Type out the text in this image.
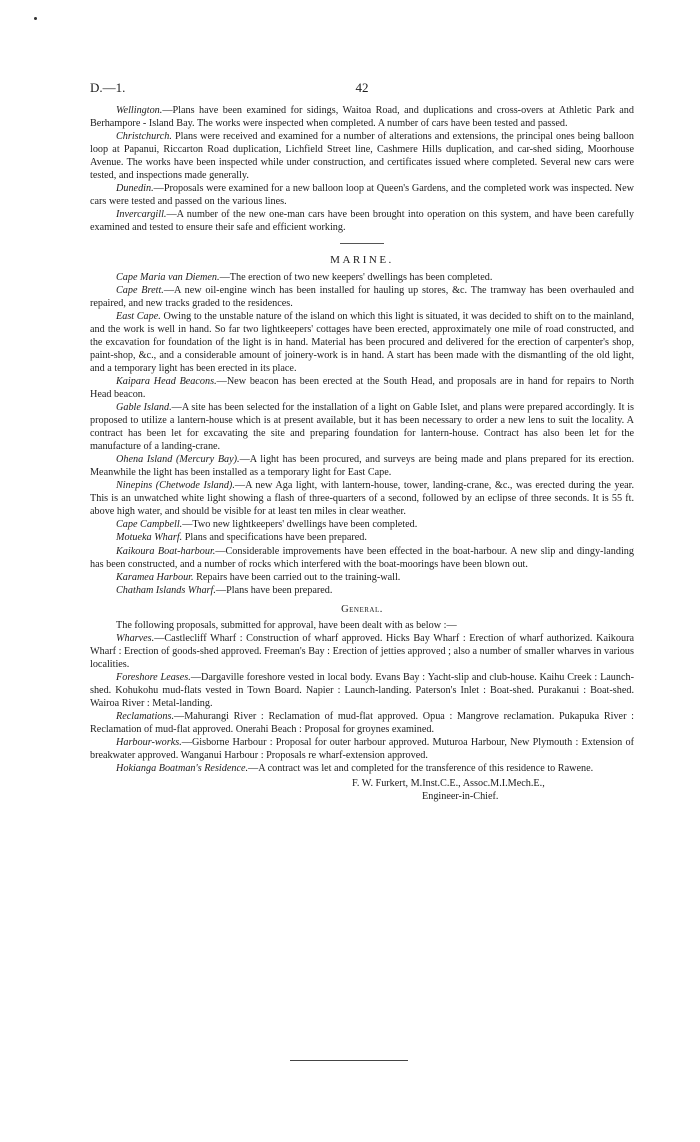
D.—1.	42

Wellington.—Plans have been examined for sidings, Waitoa Road, and duplications and cross-overs at Athletic Park and Berhampore - Island Bay. The works were inspected when completed. A number of cars have been tested and passed.

Christchurch. Plans were received and examined for a number of alterations and extensions, the principal ones being balloon loop at Papanui, Riccarton Road duplication, Lichfield Street line, Cashmere Hills duplication, and car-shed siding, Moorhouse Avenue. The works have been inspected while under construction, and certificates issued where completed. Several new cars were tested, and inspections made generally.

Dunedin.—Proposals were examined for a new balloon loop at Queen's Gardens, and the completed work was inspected. New cars were tested and passed on the various lines.

Invercargill.—A number of the new one-man cars have been brought into operation on this system, and have been carefully examined and tested to ensure their safe and efficient working.

MARINE.

Cape Maria van Diemen.—The erection of two new keepers' dwellings has been completed.

Cape Brett.—A new oil-engine winch has been installed for hauling up stores, &c. The tramway has been overhauled and repaired, and new tracks graded to the residences.

East Cape. Owing to the unstable nature of the island on which this light is situated, it was decided to shift on to the mainland, and the work is well in hand. So far two lightkeepers' cottages have been erected, approximately one mile of road constructed, and the excavation for foundation of the light is in hand. Material has been procured and delivered for the erection of carpenter's shop, paint-shop, &c., and a considerable amount of joinery-work is in hand. A start has been made with the dismantling of the old light, and a temporary light has been erected in its place.

Kaipara Head Beacons.—New beacon has been erected at the South Head, and proposals are in hand for repairs to North Head beacon.

Gable Island.—A site has been selected for the installation of a light on Gable Islet, and plans were prepared accordingly. It is proposed to utilize a lantern-house which is at present available, but it has been necessary to order a new lens to suit the locality. A contract has been let for excavating the site and preparing foundation for lantern-house. Contract has also been let for the manufacture of a landing-crane.

Ohena Island (Mercury Bay).—A light has been procured, and surveys are being made and plans prepared for its erection. Meanwhile the light has been installed as a temporary light for East Cape.

Ninepins (Chetwode Island).—A new Aga light, with lantern-house, tower, landing-crane, &c., was erected during the year. This is an unwatched white light showing a flash of three-quarters of a second, followed by an eclipse of three seconds. It is 55 ft. above high water, and should be visible for at least ten miles in clear weather.

Cape Campbell.—Two new lightkeepers' dwellings have been completed.

Motueka Wharf. Plans and specifications have been prepared.

Kaikoura Boat-harbour.—Considerable improvements have been effected in the boat-harbour. A new slip and dingy-landing has been constructed, and a number of rocks which interfered with the boat-moorings have been blown out.

Karamea Harbour. Repairs have been carried out to the training-wall.

Chatham Islands Wharf.—Plans have been prepared.

General.

The following proposals, submitted for approval, have been dealt with as below :—

Wharves.—Castlecliff Wharf : Construction of wharf approved. Hicks Bay Wharf : Erection of wharf authorized. Kaikoura Wharf : Erection of goods-shed approved. Freeman's Bay : Erection of jetties approved ; also a number of smaller wharves in various localities.

Foreshore Leases.—Dargaville foreshore vested in local body. Evans Bay : Yacht-slip and club-house. Kaihu Creek : Launch-shed. Kohukohu mud-flats vested in Town Board. Napier : Launch-landing. Paterson's Inlet : Boat-shed. Purakanui : Boat-shed. Wairoa River : Metal-landing.

Reclamations.—Mahurangi River : Reclamation of mud-flat approved. Opua : Mangrove reclamation. Pukapuka River : Reclamation of mud-flat approved. Onerahi Beach : Proposal for groynes examined.

Harbour-works.—Gisborne Harbour : Proposal for outer harbour approved. Muturoa Harbour, New Plymouth : Extension of breakwater approved. Wanganui Harbour : Proposals re wharf-extension approved.

Hokianga Boatman's Residence.—A contract was let and completed for the transference of this residence to Rawene.

F. W. Furkert, M.Inst.C.E., Assoc.M.I.Mech.E.,
Engineer-in-Chief.
